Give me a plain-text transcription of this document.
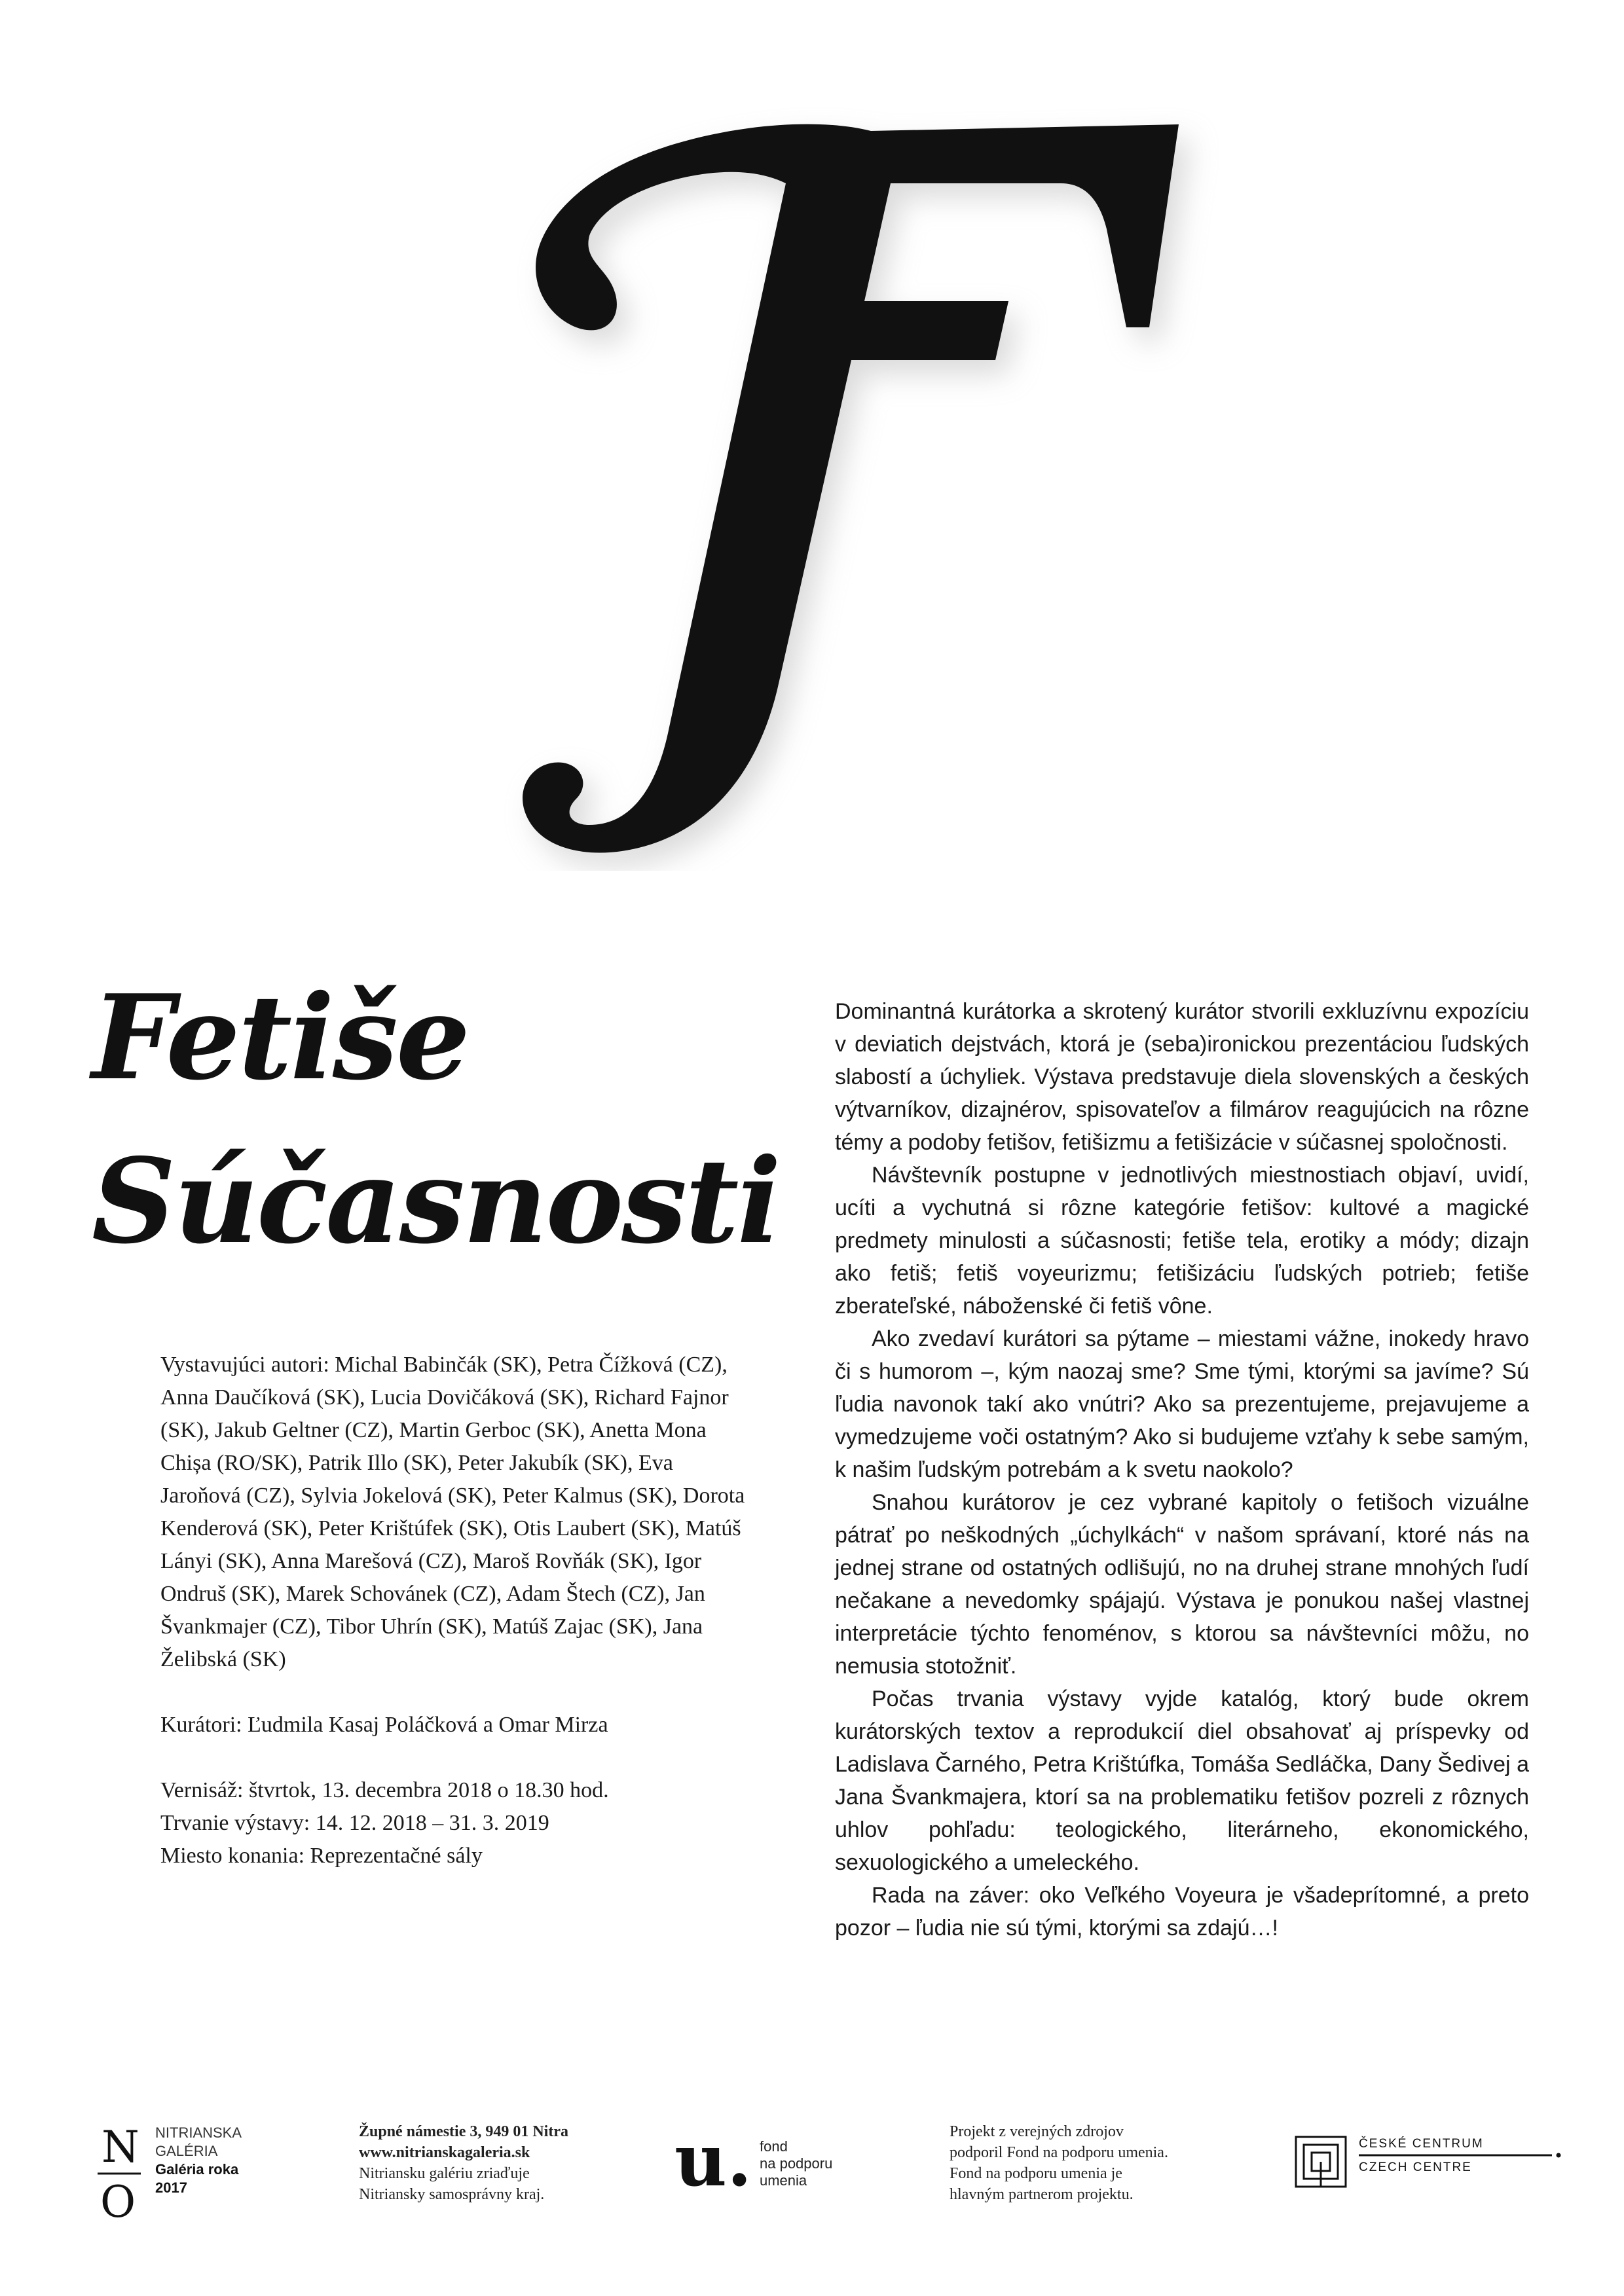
Fetiše
Súčasnosti

Vystavujúci autori: Michal Babinčák (SK), Petra Čížková (CZ), Anna Daučíková (SK), Lucia Dovičáková (SK), Richard Fajnor (SK), Jakub Geltner (CZ), Martin Gerboc (SK), Anetta Mona Chișa (RO/SK), Patrik Illo (SK), Peter Jakubík (SK), Eva Jaroňová (CZ), Sylvia Jokelová (SK), Peter Kalmus (SK), Dorota Kenderová (SK), Peter Krištúfek (SK), Otis Laubert (SK), Matúš Lányi (SK), Anna Marešová (CZ), Maroš Rovňák (SK), Igor Ondruš (SK), Marek Schovánek (CZ), Adam Štech (CZ), Jan Švankmajer (CZ), Tibor Uhrín (SK), Matúš Zajac (SK), Jana Želibská (SK)

Kurátori: Ľudmila Kasaj Poláčková a Omar Mirza

Vernisáž: štvrtok, 13. decembra 2018 o 18.30 hod.

Trvanie výstavy: 14. 12. 2018 – 31. 3. 2019

Miesto konania: Reprezentačné sály

Dominantná kurátorka a skrotený kurátor stvorili exkluzívnu expozíciu v deviatich dejstvách, ktorá je (seba)ironickou prezentáciou ľudských slabostí a úchyliek. Výstava predstavuje diela slovenských a českých výtvarníkov, dizajnérov, spisovateľov a filmárov reagujúcich na rôzne témy a podoby fetišov, fetišizmu a fetišizácie v súčasnej spoločnosti.

Návštevník postupne v jednotlivých miestnostiach objaví, uvidí, ucíti a vychutná si rôzne kategórie fetišov: kultové a magické predmety minulosti a súčasnosti; fetiše tela, erotiky a módy; dizajn ako fetiš; fetiš voyeurizmu; fetišizáciu ľudských potrieb; fetiše zberateľské, náboženské či fetiš vône.

Ako zvedaví kurátori sa pýtame – miestami vážne, inokedy hravo či s humorom –, kým naozaj sme? Sme tými, ktorými sa javíme? Sú ľudia navonok takí ako vnútri? Ako sa prezentujeme, prejavujeme a vymedzujeme voči ostatným? Ako si budujeme vzťahy k sebe samým, k našim ľudským potrebám a k svetu naokolo?

Snahou kurátorov je cez vybrané kapitoly o fetišoch vizuálne pátrať po neškodných „úchylkách“ v našom správaní, ktoré nás na jednej strane od ostatných odlišujú, no na druhej strane mnohých ľudí nečakane a nevedomky spájajú. Výstava je ponukou našej vlastnej interpretácie týchto fenoménov, s ktorou sa návštevníci môžu, no nemusia stotožniť.

Počas trvania výstavy vyjde katalóg, ktorý bude okrem kurátorských textov a reprodukcií diel obsahovať aj príspevky od Ladislava Čarného, Petra Krištúfka, Tomáša Sedláčka, Dany Šedivej a Jana Švankmajera, ktorí sa na problematiku fetišov pozreli z rôznych uhlov pohľadu: teologického, literárneho, ekonomického, sexuologického a umeleckého.

Rada na záver: oko Veľkého Voyeura je všadeprítomné, a preto pozor – ľudia nie sú tými, ktorými sa zdajú…!

N
O
NITRIANSKA
GALÉRIA
Galéria roka
2017
Župné námestie 3, 949 01 Nitra
www.nitrianskagaleria.sk
Nitriansku galériu zriaďuje
Nitriansky samosprávny kraj.	u. fond
na podporu
umenia
Projekt z verejných zdrojov
podporil Fond na podporu umenia.
Fond na podporu umenia je
hlavným partnerom projektu.
ČESKÉ CENTRUM
CZECH CENTRE
